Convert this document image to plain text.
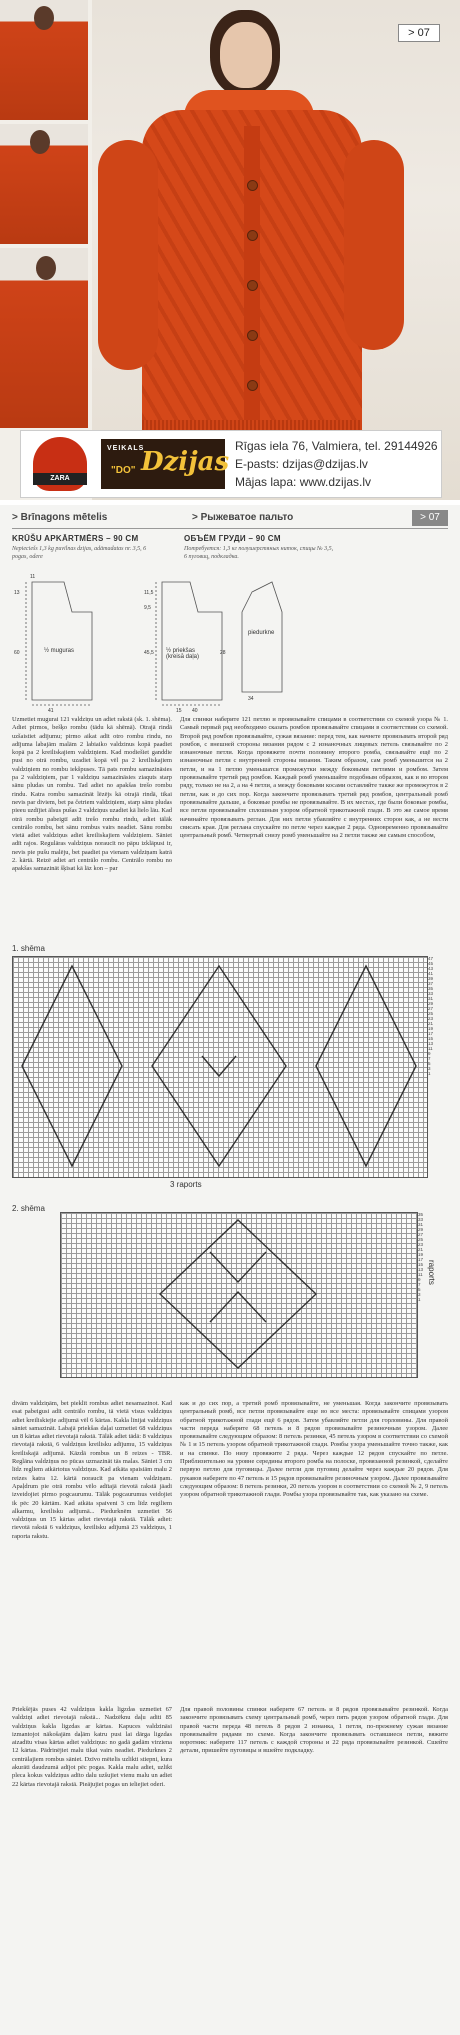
> 07
ZARA
VEIKALS
"DO" Dzijas
Rīgas iela 76, Valmiera, tel. 29144926
E-pasts: dzijas@dzijas.lv
Mājas lapa: www.dzijas.lv
> Brīnagons mētelis	> Рыжеватое пальто	> 07
KRŪŠU APKĀRTMĒRS – 90 CM
Nepieciešs 1,3 kg puvilnas dzijas, adāmadatas nr. 3,5, 6 pogas, odere
ОБЪЁМ ГРУДИ – 90 CM
Потребуется: 1,3 кг полушерстяных ниток, спицы № 3,5, 6 пуговиц, подкладка.
½ muguras	½ priekšas (kreisā daļa)
piedurkne
41
11
15 40
34
60
13	11,5
9,5
28
45,5
Uzmetiet mugurai 121 valdziņu un adiet rakstā (sk. 1. shēma). Adiet pirmos, bešķo rombu (tādu kā shēmā). Otrajā rindā uzšaistiet adījumu; pirmo aikat adīt otro rombu rindu, no adījuma labajām malām 2 labiaiko valdzinus kopā paadiet kopā pa 2 kreiliskajiem valdziņiem. Kad modiešiet ganddie pusi no otrā rombu, uzadiet kopā vēl pa 2 kreiliskajiem valdziņiem no rombu iekšpuses. Tā pats rombu samazināsies pa 2 valdziņiem, par 1 valdziņu samazināsies ziaquts starp sānu pludas un rombu. Tad adiet no apakšas trešo rombu rindu. Katra rombu samazināt lēzējs kā otrajā rindā, tikai nevis par diviem, bet pa četriem valdziņiem, starp sānu pludas pieeu uzdījiet ālsus pušas 2 valdziņus uzadiet kā lielo lāu. Kad otrā rombu pabeigtī adīt trešo rombu rindu, adiet tālāk centrālo rombu, bet sānu rombus vairs neadiet. Sānu rombu vietā adiet valdziņus adiet kreiliskajiem valdziņiem. Sāniet adīt rajos. Regulāras valdziņus noraucīt no pāpu izklāpusi ir, nevis pie pušu malēju, bet paadiet pa vienam valdziņam katrā 2. kārtā. Reizē adiet arī centrālo rombu. Centrālo rombu no apakšas samazināt šķīsat kā lāz kon – par
Для спинки наберите 121 петлю и провязывайте спицами в соответствии со схемой узора № 1. Самый первый ряд необходимо сказать ромбов провязывайте спицами в соответствии со схемой. Второй ряд ромбов провязывайте, сужая вязание: перед тем, как начнете провязывать второй ряд ромбов, с внешней стороны вязания рядом с 2 изнаночных лицевых петель связывайте по 2 изнаночные петли. Когда провяжете почти половину второго ромба, связывайте ещё по 2 изнаночные петли с внутренней стороны вязания. Таким образом, сам ромб уменьшится на 2 петли, и на 1 петлю уменьшатся промежутки между боковыми петлями и ромбом. Затем провязывайте третий ряд ромбов. Каждый ромб уменьшайте подобным образом, как и во втором ряду, только не на 2, а на 4 петли, а между боковыми косами оставляйте также же промежуток в 2 петли, как и до сих пор. Когда закончите провязывать третий ряд ромбов, центральный ромб провязывайте дальше, а боковые ромбы не провязывайте. В их местах, где были боковые ромбы, все петли провязывайте сплошным узором обратной трикотажной глади. В это же самое время начинайте провязывать реглан. Для них петли убавляйте с внутренних сторон как, а не вести свисать края. Для реглана спускайте по петле через каждые 2 ряда. Одновременно провязывайте центральный ромб. Четвертый снизу ромб уменьшайте на 2 петли также же самым способом,
1. shēma
47
45
43
41
39
37
35
33
31
29
27
25
23
21
19
17
15
13
11
9
7
5
3
1
3 raports
2. shēma
35
33
31
29
27
25
23
21
19
17
15
13
11
9
7
5
3
1
raports
divām valdziņām, bet pieklīt rombus adiet nesamazinot. Kad esat pabeigusi adīt centrālo rombu, tā vietā visus valdziņus adiet kreiliskiejie adījumā vēl 6 kārtas. Kakla līnijai valdziņus sāniet samazināt. Labajā priekšas daļai uzmetiet 68 valdziņus un 8 kārtas adiet rievotajā rakstā. Tālāk adiet tādā: 8 valdziņus rievotajā rakstā, 6 valdziņus kreilisku adījumu, 15 valdziņus kreiliskajā adījumā. Kāzdā rombus un 8 reizes - TBR. Reglāna valdziņus no pūcas uzmazināt tās malas. Sāniet 3 cm līdz regliem atkārtotus valdziņus. Kad atkāta spaisiām malu 2 reizes katra 12. kārtā noraucīt pa vienam valdziņam. Apaļdrum pie otrā rombu vēlo adītajā rievotā rakstā jāadi izveidojiet pirmo pogcaurumu. Tālāk pogcaurumus veidojiet ik pēc 20 kārtām. Kad atkāta spaiveni 3 cm līdz regiliem alkarmu, kreilisku adījumā... Piedurknēm uzmetiet 56 valdziņus un 15 kārtas adiet rievotajā rakstā. Tālāk adiet: rievotā rakstā 6 valdziņus, kreilisku adījumā 23 valdziņus, 1 raporta rakstu.
как и до сих пор, а третий ромб провязывайте, не уменьшая. Когда закончите провязывать центральный ромб, все петли провязывайте еще во все места: провязывайте спицами узором обратной трикотажной глади ещё 6 рядов. Затем убавляйте петли для горловины. Для правой части переда наберите 68 петель и 8 рядов провязывайте резиночным узором. Далее провязывайте следующим образом: 8 петель резинки, 45 петель узором в соответствии со схемой № 1 и 15 петель узором обратной трикотажной глади. Ромбы узора уменьшайте точно также, как и на спинке. По низу провяжите 2 ряда. Через каждые 12 рядов спускайте по петле. Приблизительно на уровне середины второго ромба на полоске, провязанной резинкой, сделайте первую петлю для пуговицы. Далее петли для пуговиц делайте через каждые 20 рядов. Для рукавов наберите по 47 петель и 15 рядов провязывайте резиночным узором. Далее провязывайте следующим образом: 8 петель резинки, 20 петель узором в соответствии со схемой № 2, 9 петель узором обратной трикотажной глади. Ромбы узора провязывайте так, как указано на схеме.
Priekšējās puses 42 valdziņus kakla ligzdas uzmetiet 67 valdziņi adiet rievotajā rakstā... Nadzēknu daļu aditi 85 valdziņus kakla ligzdas ar kārtas. Kapuces valdzināsi izmantojot nākošajām daļām katru pusi lai dārga ligzdas aizadītu visas kārtas adiet valdziņus: no gadā gadām virziena 12 kārtas. Pādrinējiet malu tikai vairs neadiet. Piedurknes 2 centrālajiem rombus sāniet. Dzīvo mētelis uzlikti stiepni, kura akurāti daudzumā adījot pēc pogas. Kakla malu adiet, uzlikt pleca kokus valdziņus adīto dalu uzšujiet vienu malu un adiet 22 kārtas rievotajā rakstā. Pieājujiet pogas un ieliejiet oderi.
Для правой половины спинки наберите 67 петель и 8 рядов провязывайте резинкой. Когда закончите провязывать схему центральный ромб, через пять рядов узором обратной глади. Для правой части переда 48 петель 8 рядов 2 изнанка, 1 петля, по-прежнему сужая вязание провязывайте рядами по схеме. Когда закончите провязывать оставшиеся петли, вяжите воротник: наберите 117 петель с каждой стороны и 22 ряда провязывайте резинкой. Сшейте детали, пришейте пуговицы и вшейте подкладку.
